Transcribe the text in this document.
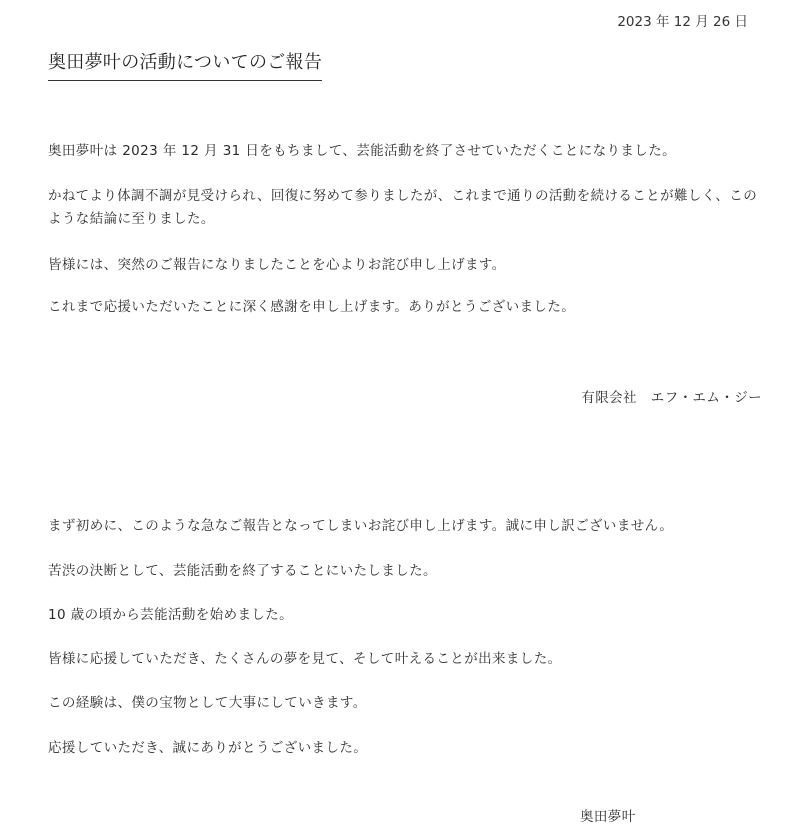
2023 年 12 月 26 日
奥田夢叶の活動についてのご報告
奥田夢叶は 2023 年 12 月 31 日をもちまして、芸能活動を終了させていただくことになりました。
かねてより体調不調が見受けられ、回復に努めて参りましたが、これまで通りの活動を続けることが難しく、このような結論に至りました。
皆様には、突然のご報告になりましたことを心よりお詫び申し上げます。
これまで応援いただいたことに深く感謝を申し上げます。ありがとうございました。
有限会社　エフ・エム・ジー
まず初めに、このような急なご報告となってしまいお詫び申し上げます。誠に申し訳ございません。
苦渋の決断として、芸能活動を終了することにいたしました。
10 歳の頃から芸能活動を始めました。
皆様に応援していただき、たくさんの夢を見て、そして叶えることが出来ました。
この経験は、僕の宝物として大事にしていきます。
応援していただき、誠にありがとうございました。
奥田夢叶
